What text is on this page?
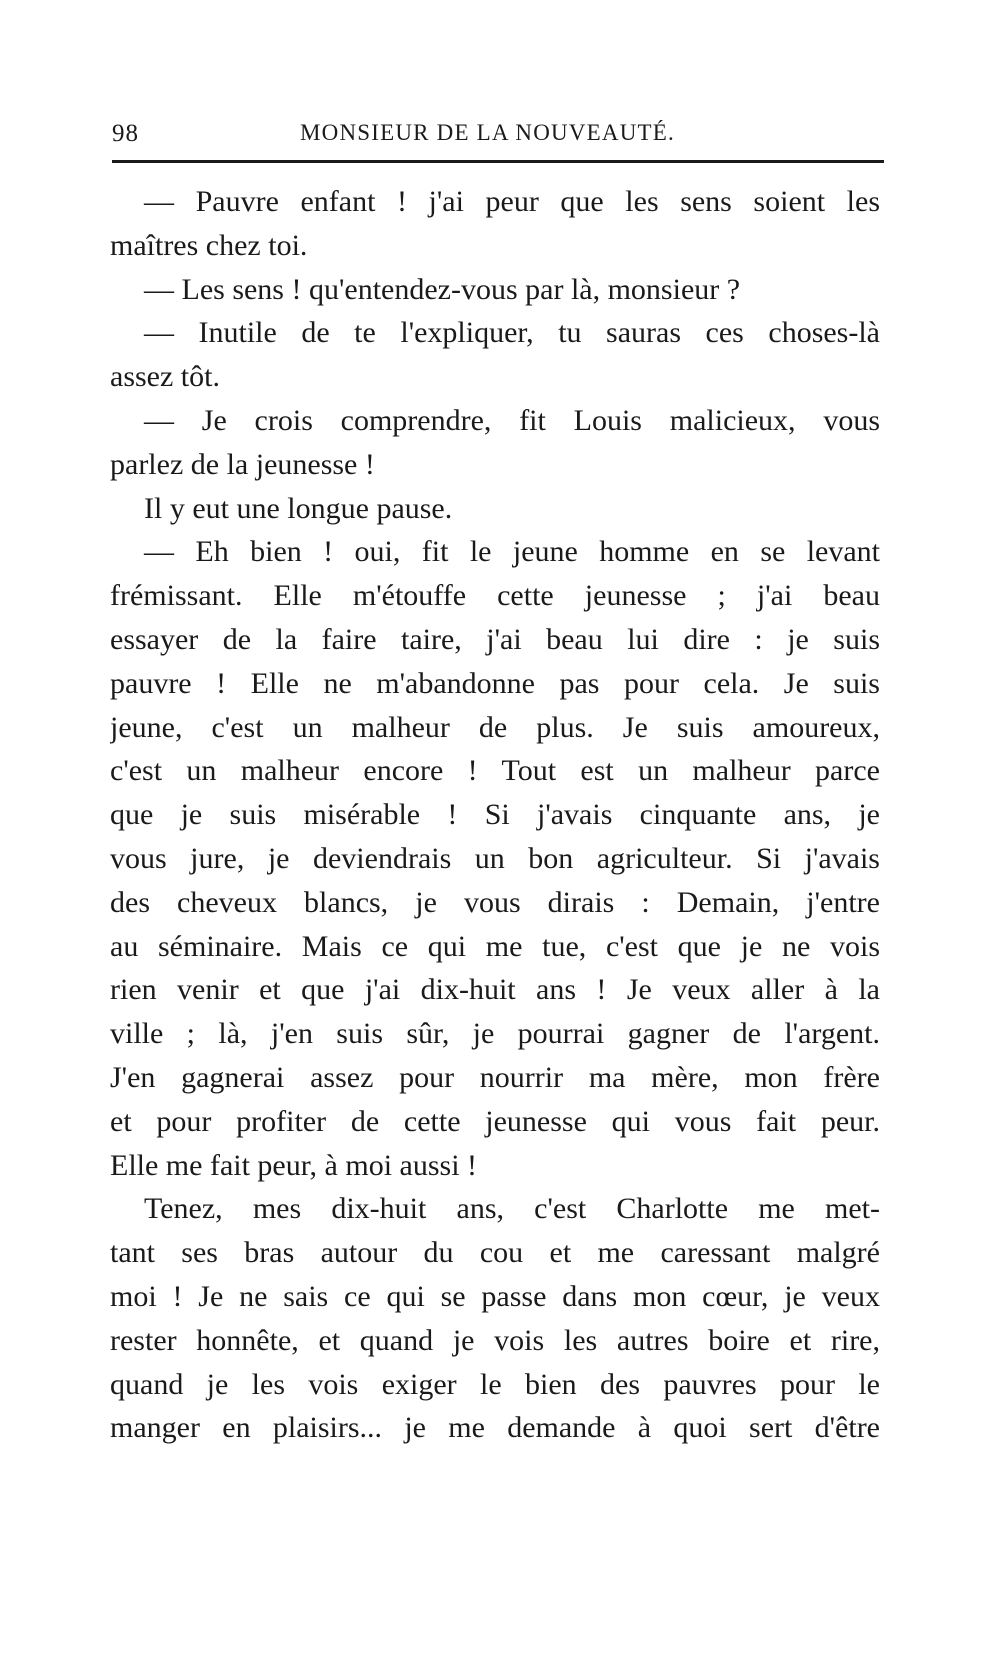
98	MONSIEUR DE LA NOUVEAUTÉ.
— Pauvre enfant ! j'ai peur que les sens soient les
maîtres chez toi.
— Les sens ! qu'entendez-vous par là, monsieur ?
— Inutile de te l'expliquer, tu sauras ces choses-là
assez tôt.
— Je crois comprendre, fit Louis malicieux, vous
parlez de la jeunesse !
Il y eut une longue pause.
— Eh bien ! oui, fit le jeune homme en se levant
frémissant. Elle m'étouffe cette jeunesse ; j'ai beau
essayer de la faire taire, j'ai beau lui dire : je suis
pauvre ! Elle ne m'abandonne pas pour cela. Je suis
jeune, c'est un malheur de plus. Je suis amoureux,
c'est un malheur encore ! Tout est un malheur parce
que je suis misérable ! Si j'avais cinquante ans, je
vous jure, je deviendrais un bon agriculteur. Si j'avais
des cheveux blancs, je vous dirais : Demain, j'entre
au séminaire. Mais ce qui me tue, c'est que je ne vois
rien venir et que j'ai dix-huit ans ! Je veux aller à la
ville ; là, j'en suis sûr, je pourrai gagner de l'argent.
J'en gagnerai assez pour nourrir ma mère, mon frère
et pour profiter de cette jeunesse qui vous fait peur.
Elle me fait peur, à moi aussi !
Tenez, mes dix-huit ans, c'est Charlotte me met-
tant ses bras autour du cou et me caressant malgré
moi ! Je ne sais ce qui se passe dans mon cœur, je veux
rester honnête, et quand je vois les autres boire et rire,
quand je les vois exiger le bien des pauvres pour le
manger en plaisirs... je me demande à quoi sert d'être
